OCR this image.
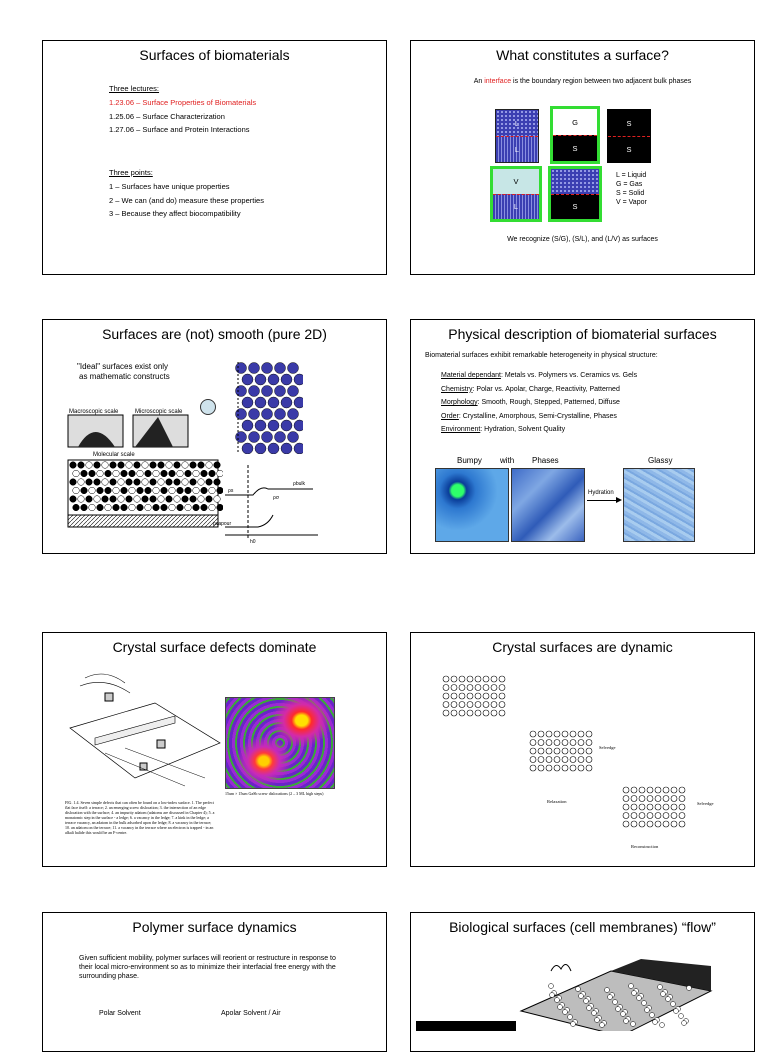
Surfaces of biomaterials
Three lectures:
1.23.06 – Surface Properties of Biomaterials
1.25.06 – Surface Characterization
1.27.06 – Surface and Protein Interactions
Three points:
1 – Surfaces have unique properties
2 – We can (and do) measure these properties
3 – Because they affect biocompatibility
What constitutes a surface?
An interface is the boundary region between two adjacent bulk phases
L
L
G
S
S
S
V
L	S
L = Liquid
G = Gas
S = Solid
V = Vapor
We recognize (S/G), (S/L), and (L/V) as surfaces
Surfaces are (not) smooth (pure 2D)
"Ideal" surfaces exist only
as mathematic constructs
Macroscopic scale	Microscopic scale
Molecular scale
ρbulk
ρs
ρσ
ρvapour
h0
Physical description of biomaterial surfaces
Biomaterial surfaces exhibit remarkable heterogeneity in physical structure:
Material dependant: Metals vs. Polymers vs. Ceramics vs. Gels
Chemistry: Polar vs. Apolar, Charge, Reactivity, Patterned
Morphology: Smooth, Rough, Stepped, Patterned, Diffuse
Order: Crystalline, Amorphous, Semi-Crystalline, Phases
Environment: Hydration, Solvent Quality
Bumpy with Phases	Glassy
Hydration
Crystal surface defects dominate
FIG. 1.4. Seven simple defects that can often be found on a low-index surface. 1. The perfect flat face itself: a terrace; 2. an emerging screw dislocation; 3. the intersection of an edge dislocation with the surface; 4. an impurity adatom (adatoms are discussed in Chapter 4); 5. a monatomic step in the surface - a ledge; 6. a vacancy in the ledge; 7. a kink in the ledge; a terrace vacancy, an adatom in the bulk adsorbed upon the ledge; 8. a vacancy in the terrace; 10. an adatom on the terrace; 11. a vacancy in the terrace where an electron is trapped - in an alkali halide this would be an F-centre.
15um × 15um GaSb screw dislocations (2 – 3 ML high steps)
Crystal surfaces are dynamic
Selvedge
Relaxation	Selvedge
Reconstruction
Polymer surface dynamics
Given sufficient mobility, polymer surfaces will reorient or restructure in response to their local micro-environment so as to minimize their interfacial free energy with the surrounding phase.
Polar Solvent	Apolar Solvent / Air
Biological surfaces (cell membranes) “flow”
